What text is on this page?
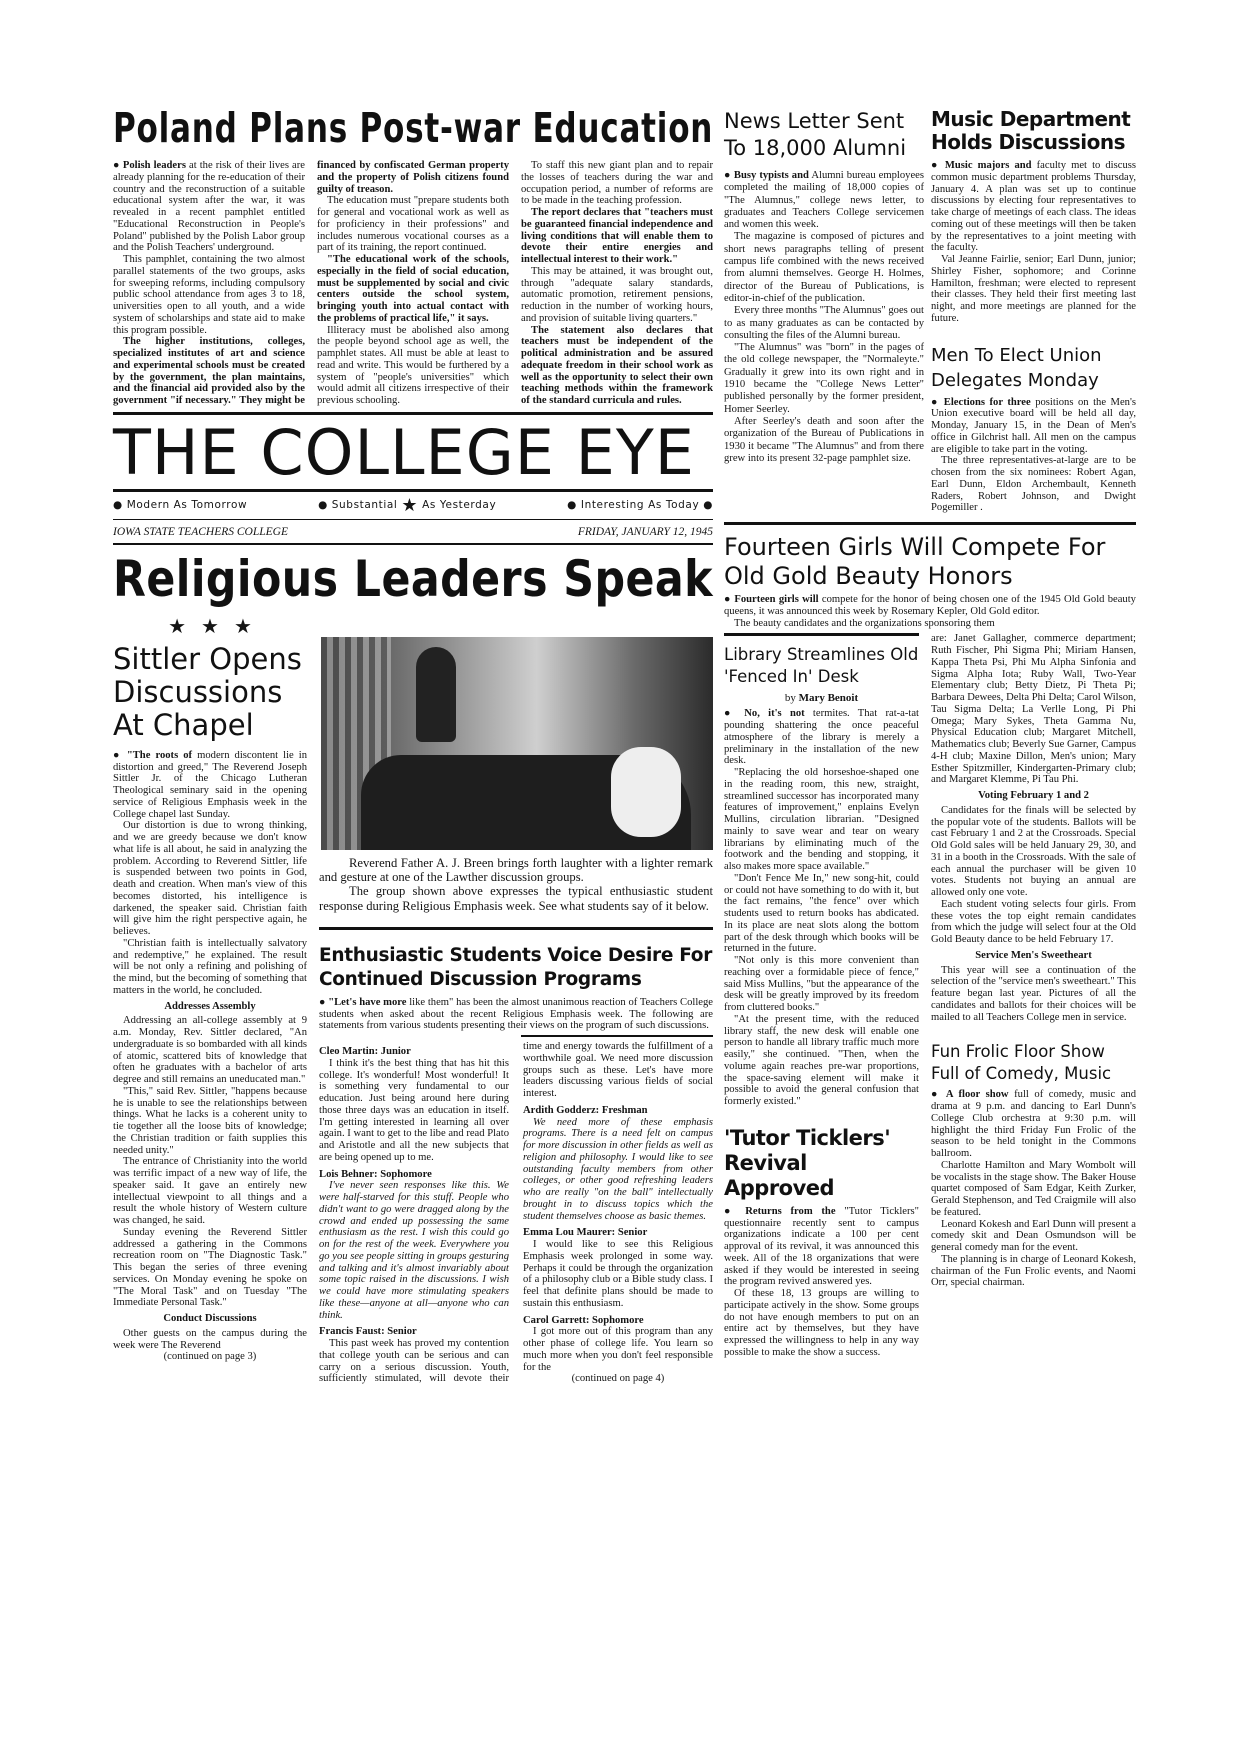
Poland Plans Post-war Education

● Polish leaders at the risk of their lives are already planning for the re-education of their country and the reconstruction of a suitable educational system after the war, it was revealed in a recent pamphlet entitled "Educational Reconstruction in People's Poland" published by the Polish Labor group and the Polish Teachers' underground.

This pamphlet, containing the two almost parallel statements of the two groups, asks for sweeping reforms, including compulsory public school attendance from ages 3 to 18, universities open to all youth, and a wide system of scholarships and state aid to make this program possible.

The higher institutions, colleges, specialized institutes of art and science and experimental schools must be created by the government, the plan maintains, and the financial aid provided also by the government "if necessary." They might be financed by confiscated German property and the property of Polish citizens found guilty of treason.

The education must "prepare students both for general and vocational work as well as for proficiency in their professions" and includes numerous vocational courses as a part of its training, the report continued.

"The educational work of the schools, especially in the field of social education, must be supplemented by social and civic centers outside the school system, bringing youth into actual contact with the problems of practical life," it says.

Illiteracy must be abolished also among the people beyond school age as well, the pamphlet states. All must be able at least to read and write. This would be furthered by a system of "people's universities" which would admit all citizens irrespective of their previous schooling.

To staff this new giant plan and to repair the losses of teachers during the war and occupation period, a number of reforms are to be made in the teaching profession.

The report declares that "teachers must be guaranteed financial independence and living conditions that will enable them to devote their entire energies and intellectual interest to their work."

This may be attained, it was brought out, through "adequate salary standards, automatic promotion, retirement pensions, reduction in the number of working hours, and provision of suitable living quarters."

The statement also declares that teachers must be independent of the political administration and be assured adequate freedom in their school work as well as the opportunity to select their own teaching methods within the framework of the standard curricula and rules.

THE COLLEGE EYE
● Modern As Tomorrow	● Substantial ★ As Yesterday	● Interesting As Today ●
IOWA STATE TEACHERS COLLEGE	FRIDAY, JANUARY 12, 1945
Religious Leaders Speak
★   ★   ★
Sittler Opens Discussions At Chapel

● "The roots of modern discontent lie in distortion and greed," The Reverend Joseph Sittler Jr. of the Chicago Lutheran Theological seminary said in the opening service of Religious Emphasis week in the College chapel last Sunday.

Our distortion is due to wrong thinking, and we are greedy because we don't know what life is all about, he said in analyzing the problem. According to Reverend Sittler, life is suspended between two points in God, death and creation. When man's view of this becomes distorted, his intelligence is darkened, the speaker said. Christian faith will give him the right perspective again, he believes.

"Christian faith is intellectually salvatory and redemptive," he explained. The result will be not only a refining and polishing of the mind, but the becoming of something that matters in the world, he concluded.

Addresses Assembly

Addressing an all-college assembly at 9 a.m. Monday, Rev. Sittler declared, "An undergraduate is so bombarded with all kinds of atomic, scattered bits of knowledge that often he graduates with a bachelor of arts degree and still remains an uneducated man."

"This," said Rev. Sittler, "happens because he is unable to see the relationships between things. What he lacks is a coherent unity to tie together all the loose bits of knowledge; the Christian tradition or faith supplies this needed unity."

The entrance of Christianity into the world was terrific impact of a new way of life, the speaker said. It gave an entirely new intellectual viewpoint to all things and a result the whole history of Western culture was changed, he said.

Sunday evening the Reverend Sittler addressed a gathering in the Commons recreation room on "The Diagnostic Task." This began the series of three evening services. On Monday evening he spoke on "The Moral Task" and on Tuesday "The Immediate Personal Task."

Conduct Discussions

Other guests on the campus during the week were The Reverend

(continued on page 3)

Reverend Father A. J. Breen brings forth laughter with a lighter remark and gesture at one of the Lawther discussion groups.

The group shown above expresses the typical enthusiastic student response during Religious Emphasis week. See what students say of it below.

Enthusiastic Students Voice Desire For Continued Discussion Programs

● "Let's have more like them" has been the almost unanimous reaction of Teachers College students when asked about the recent Religious Emphasis week. The following are statements from various students presenting their views on the program of such discussions.

Cleo Martin: Junior

I think it's the best thing that has hit this college. It's wonderful! Most wonderful! It is something very fundamental to our education. Just being around here during those three days was an education in itself. I'm getting interested in learning all over again. I want to get to the libe and read Plato and Aristotle and all the new subjects that are being opened up to me.

Lois Behner: Sophomore

I've never seen responses like this. We were half-starved for this stuff. People who didn't want to go were dragged along by the crowd and ended up possessing the same enthusiasm as the rest. I wish this could go on for the rest of the week. Everywhere you go you see people sitting in groups gesturing and talking and it's almost invariably about some topic raised in the discussions. I wish we could have more stimulating speakers like these—anyone at all—anyone who can think.

Francis Faust: Senior

This past week has proved my contention that college youth can be serious and can carry on a serious discussion. Youth, sufficiently stimulated, will devote their time and energy towards the fulfillment of a worthwhile goal. We need more discussion groups such as these. Let's have more leaders discussing various fields of social interest.

Ardith Godderz: Freshman

We need more of these emphasis programs. There is a need felt on campus for more discussion in other fields as well as religion and philosophy. I would like to see outstanding faculty members from other colleges, or other good refreshing leaders who are really "on the ball" intellectually brought in to discuss topics which the student themselves choose as basic themes.

Emma Lou Maurer: Senior

I would like to see this Religious Emphasis week prolonged in some way. Perhaps it could be through the organization of a philosophy club or a Bible study class. I feel that definite plans should be made to sustain this enthusiasm.

Carol Garrett: Sophomore

I got more out of this program than any other phase of college life. You learn so much more when you don't feel responsible for the

(continued on page 4)

News Letter Sent To 18,000 Alumni

● Busy typists and Alumni bureau employees completed the mailing of 18,000 copies of "The Alumnus," college news letter, to graduates and Teachers College servicemen and women this week.

The magazine is composed of pictures and short news paragraphs telling of present campus life combined with the news received from alumni themselves. George H. Holmes, director of the Bureau of Publications, is editor-in-chief of the publication.

Every three months "The Alumnus" goes out to as many graduates as can be contacted by consulting the files of the Alumni bureau.

"The Alumnus" was "born" in the pages of the old college newspaper, the "Normaleyte." Gradually it grew into its own right and in 1910 became the "College News Letter" published personally by the former president, Homer Seerley.

After Seerley's death and soon after the organization of the Bureau of Publications in 1930 it became "The Alumnus" and from there grew into its present 32-page pamphlet size.

Music Department Holds Discussions

● Music majors and faculty met to discuss common music department problems Thursday, January 4. A plan was set up to continue discussions by electing four representatives to take charge of meetings of each class. The ideas coming out of these meetings will then be taken by the representatives to a joint meeting with the faculty.

Val Jeanne Fairlie, senior; Earl Dunn, junior; Shirley Fisher, sophomore; and Corinne Hamilton, freshman; were elected to represent their classes. They held their first meeting last night, and more meetings are planned for the future.

Men To Elect Union Delegates Monday

● Elections for three positions on the Men's Union executive board will be held all day, Monday, January 15, in the Dean of Men's office in Gilchrist hall. All men on the campus are eligible to take part in the voting.

The three representatives-at-large are to be chosen from the six nominees: Robert Agan, Earl Dunn, Eldon Archembault, Kenneth Raders, Robert Johnson, and Dwight Pogemiller .

Fourteen Girls Will Compete For Old Gold Beauty Honors

● Fourteen girls will compete for the honor of being chosen one of the 1945 Old Gold beauty queens, it was announced this week by Rosemary Kepler, Old Gold editor.

The beauty candidates and the organizations sponsoring them

Library Streamlines Old 'Fenced In' Desk
by Mary Benoit

● No, it's not termites. That rat-a-tat pounding shattering the once peaceful atmosphere of the library is merely a preliminary in the installation of the new desk.

"Replacing the old horseshoe-shaped one in the reading room, this new, straight, streamlined successor has incorporated many features of improvement," enplains Evelyn Mullins, circulation librarian. "Designed mainly to save wear and tear on weary librarians by eliminating much of the footwork and the bending and stopping, it also makes more space available."

"Don't Fence Me In," new song-hit, could or could not have something to do with it, but the fact remains, "the fence" over which students used to return books has abdicated. In its place are neat slots along the bottom part of the desk through which books will be returned in the future.

"Not only is this more convenient than reaching over a formidable piece of fence," said Miss Mullins, "but the appearance of the desk will be greatly improved by its freedom from cluttered books."

"At the present time, with the reduced library staff, the new desk will enable one person to handle all library traffic much more easily," she continued. "Then, when the volume again reaches pre-war proportions, the space-saving element will make it possible to avoid the general confusion that formerly existed."

'Tutor Ticklers' Revival Approved

● Returns from the "Tutor Ticklers" questionnaire recently sent to campus organizations indicate a 100 per cent approval of its revival, it was announced this week. All of the 18 organizations that were asked if they would be interested in seeing the program revived answered yes.

Of these 18, 13 groups are willing to participate actively in the show. Some groups do not have enough members to put on an entire act by themselves, but they have expressed the willingness to help in any way possible to make the show a success.

are: Janet Gallagher, commerce department; Ruth Fischer, Phi Sigma Phi; Miriam Hansen, Kappa Theta Psi, Phi Mu Alpha Sinfonia and Sigma Alpha Iota; Ruby Wall, Two-Year Elementary club; Betty Dietz, Pi Theta Pi; Barbara Dewees, Delta Phi Delta; Carol Wilson, Tau Sigma Delta; La Verlle Long, Pi Phi Omega; Mary Sykes, Theta Gamma Nu, Physical Education club; Margaret Mitchell, Mathematics club; Beverly Sue Garner, Campus 4-H club; Maxine Dillon, Men's union; Mary Esther Spitzmiller, Kindergarten-Primary club; and Margaret Klemme, Pi Tau Phi.

Voting February 1 and 2

Candidates for the finals will be selected by the popular vote of the students. Ballots will be cast February 1 and 2 at the Crossroads. Special Old Gold sales will be held January 29, 30, and 31 in a booth in the Crossroads. With the sale of each annual the purchaser will be given 10 votes. Students not buying an annual are allowed only one vote.

Each student voting selects four girls. From these votes the top eight remain candidates from which the judge will select four at the Old Gold Beauty dance to be held February 17.

Service Men's Sweetheart

This year will see a continuation of the selection of the "service men's sweetheart." This feature began last year. Pictures of all the candidates and ballots for their choices will be mailed to all Teachers College men in service.

Fun Frolic Floor Show Full of Comedy, Music

● A floor show full of comedy, music and drama at 9 p.m. and dancing to Earl Dunn's College Club orchestra at 9:30 p.m. will highlight the third Friday Fun Frolic of the season to be held tonight in the Commons ballroom.

Charlotte Hamilton and Mary Wombolt will be vocalists in the stage show. The Baker House quartet composed of Sam Edgar, Keith Zurker, Gerald Stephenson, and Ted Craigmile will also be featured.

Leonard Kokesh and Earl Dunn will present a comedy skit and Dean Osmundson will be general comedy man for the event.

The planning is in charge of Leonard Kokesh, chairman of the Fun Frolic events, and Naomi Orr, special chairman.
